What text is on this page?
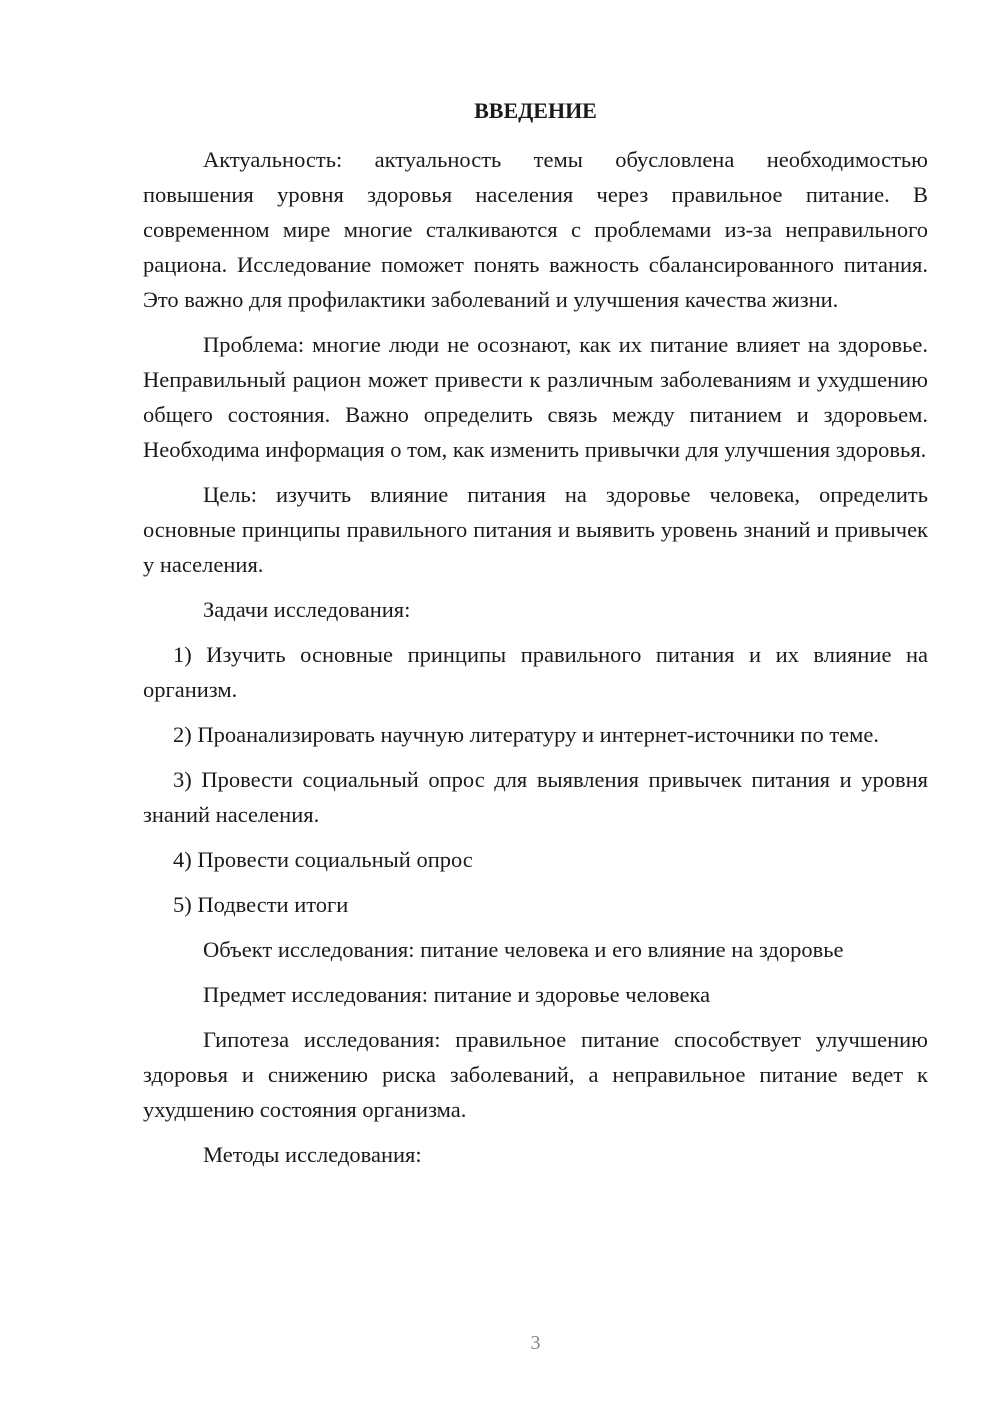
ВВЕДЕНИЕ

Актуальность: актуальность темы обусловлена необходимостью повышения уровня здоровья населения через правильное питание. В современном мире многие сталкиваются с проблемами из-за неправильного рациона. Исследование поможет понять важность сбалансированного питания. Это важно для профилактики заболеваний и улучшения качества жизни.

Проблема: многие люди не осознают, как их питание влияет на здоровье. Неправильный рацион может привести к различным заболеваниям и ухудшению общего состояния. Важно определить связь между питанием и здоровьем. Необходима информация о том, как изменить привычки для улучшения здоровья.

Цель: изучить влияние питания на здоровье человека, определить основные принципы правильного питания и выявить уровень знаний и привычек у населения.

Задачи исследования:

1) Изучить основные принципы правильного питания и их влияние на организм.

2) Проанализировать научную литературу и интернет-источники по теме.

3) Провести социальный опрос для выявления привычек питания и уровня знаний населения.

4) Провести социальный опрос

5) Подвести итоги

Объект исследования: питание человека и его влияние на здоровье

Предмет исследования: питание и здоровье человека

Гипотеза исследования: правильное питание способствует улучшению здоровья и снижению риска заболеваний, а неправильное питание ведет к ухудшению состояния организма.

Методы исследования:

3
